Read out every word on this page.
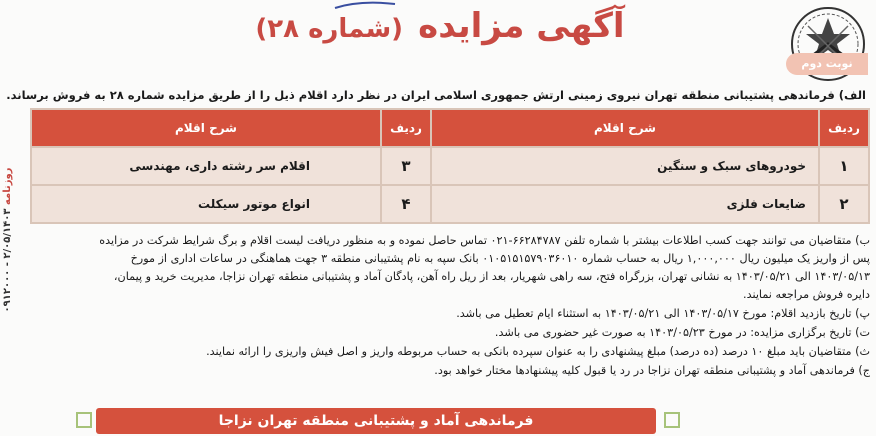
آگهی مزایده (شماره ۲۸)
نوبت دوم
روزنامه ۲/۰۵/۱۴۰۳ - ۰۹۱۲۰۰۰
الف) فرماندهی پشتیبانی منطقه تهران نیروی زمینی ارتش جمهوری اسلامی ایران در نظر دارد اقلام ذیل را از طریق مزایده شماره ۲۸ به فروش برساند.
ردیف
شرح اقلام
ردیف
شرح اقلام
۱
خودروهای سبک و سنگین
۳
اقلام سر رشته داری، مهندسی
۲
ضایعات فلزی
۴
انواع موتور سیکلت
ب) متقاضیان می توانند جهت کسب اطلاعات بیشتر با شماره تلفن ۶۶۲۸۴۷۸۷-۰۲۱ تماس حاصل نموده و به منظور دریافت لیست اقلام و برگ شرایط شرکت در مزایده
پس از واریز یک میلیون ریال ۱,۰۰۰,۰۰۰ ریال به حساب شماره ۰۱۰۵۱۵۱۵۷۹۰۳۶۰۱۰ بانک سپه به نام پشتیبانی منطقه ۳ جهت هماهنگی در ساعات اداری از مورخ
۱۴۰۳/۰۵/۱۳ الی ۱۴۰۳/۰۵/۲۱ به نشانی تهران، بزرگراه فتح، سه راهی شهریار، بعد از ریل راه آهن، پادگان آماد و پشتیبانی منطقه تهران نزاجا، مدیریت خرید و پیمان،
دایره فروش مراجعه نمایند.
پ) تاریخ بازدید اقلام: مورخ ۱۴۰۳/۰۵/۱۷ الی ۱۴۰۳/۰۵/۲۱ به استثناء ایام تعطیل می باشد.
ت) تاریخ برگزاری مزایده: در مورخ ۱۴۰۳/۰۵/۲۳ به صورت غیر حضوری می باشد.
ث) متقاضیان باید مبلغ ۱۰ درصد (ده درصد) مبلغ پیشنهادی را به عنوان سپرده بانکی به حساب مربوطه واریز و اصل فیش واریزی را ارائه نمایند.
ج) فرماندهی آماد و پشتیبانی منطقه تهران نزاجا در رد یا قبول کلیه پیشنهادها مختار خواهد بود.
فرماندهی آماد و پشتیبانی منطقه تهران نزاجا
